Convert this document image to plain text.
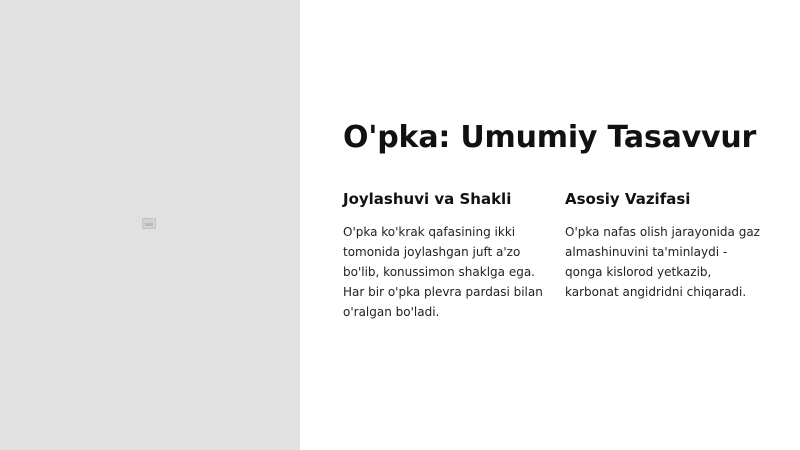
O'pka: Umumiy Tasavvur
Joylashuvi va Shakli

O'pka ko'krak qafasining ikki tomonida joylashgan juft a'zo bo'lib, konussimon shaklga ega. Har bir o'pka plevra pardasi bilan o'ralgan bo'ladi.

Asosiy Vazifasi

O'pka nafas olish jarayonida gaz almashinuvini ta'minlaydi - qonga kislorod yetkazib, karbonat angidridni chiqaradi.
